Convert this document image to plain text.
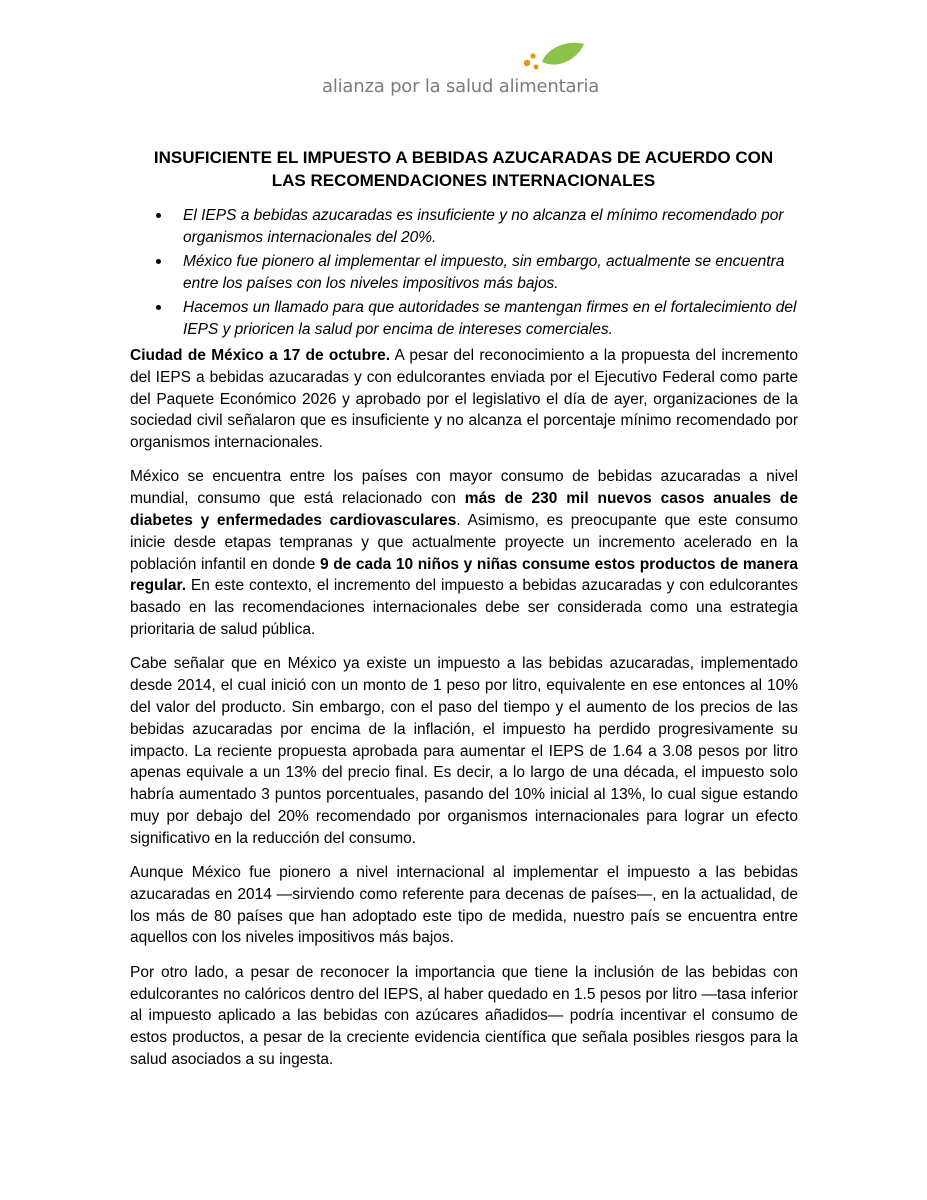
alianza por la salud alimentaria
INSUFICIENTE EL IMPUESTO A BEBIDAS AZUCARADAS DE ACUERDO CON
LAS RECOMENDACIONES INTERNACIONALES
El IEPS a bebidas azucaradas es insuficiente y no alcanza el mínimo recomendado por organismos internacionales del 20%.
México fue pionero al implementar el impuesto, sin embargo, actualmente se encuentra entre los países con los niveles impositivos más bajos.
Hacemos un llamado para que autoridades se mantengan firmes en el fortalecimiento del IEPS y prioricen la salud por encima de intereses comerciales.

Ciudad de México a 17 de octubre. A pesar del reconocimiento a la propuesta del incremento del IEPS a bebidas azucaradas y con edulcorantes enviada por el Ejecutivo Federal como parte del Paquete Económico 2026 y aprobado por el legislativo el día de ayer, organizaciones de la sociedad civil señalaron que es insuficiente y no alcanza el porcentaje mínimo recomendado por organismos internacionales.

México se encuentra entre los países con mayor consumo de bebidas azucaradas a nivel mundial, consumo que está relacionado con más de 230 mil nuevos casos anuales de diabetes y enfermedades cardiovasculares. Asimismo, es preocupante que este consumo inicie desde etapas tempranas y que actualmente proyecte un incremento acelerado en la población infantil en donde 9 de cada 10 niños y niñas consume estos productos de manera regular. En este contexto, el incremento del impuesto a bebidas azucaradas y con edulcorantes basado en las recomendaciones internacionales debe ser considerada como una estrategia prioritaria de salud pública.

Cabe señalar que en México ya existe un impuesto a las bebidas azucaradas, implementado desde 2014, el cual inició con un monto de 1 peso por litro, equivalente en ese entonces al 10% del valor del producto. Sin embargo, con el paso del tiempo y el aumento de los precios de las bebidas azucaradas por encima de la inflación, el impuesto ha perdido progresivamente su impacto. La reciente propuesta aprobada para aumentar el IEPS de 1.64 a 3.08 pesos por litro apenas equivale a un 13% del precio final. Es decir, a lo largo de una década, el impuesto solo habría aumentado 3 puntos porcentuales, pasando del 10% inicial al 13%, lo cual sigue estando muy por debajo del 20% recomendado por organismos internacionales para lograr un efecto significativo en la reducción del consumo.

Aunque México fue pionero a nivel internacional al implementar el impuesto a las bebidas azucaradas en 2014 —sirviendo como referente para decenas de países—, en la actualidad, de los más de 80 países que han adoptado este tipo de medida, nuestro país se encuentra entre aquellos con los niveles impositivos más bajos.

Por otro lado, a pesar de reconocer la importancia que tiene la inclusión de las bebidas con edulcorantes no calóricos dentro del IEPS, al haber quedado en 1.5 pesos por litro —tasa inferior al impuesto aplicado a las bebidas con azúcares añadidos— podría incentivar el consumo de estos productos, a pesar de la creciente evidencia científica que señala posibles riesgos para la salud asociados a su ingesta.
